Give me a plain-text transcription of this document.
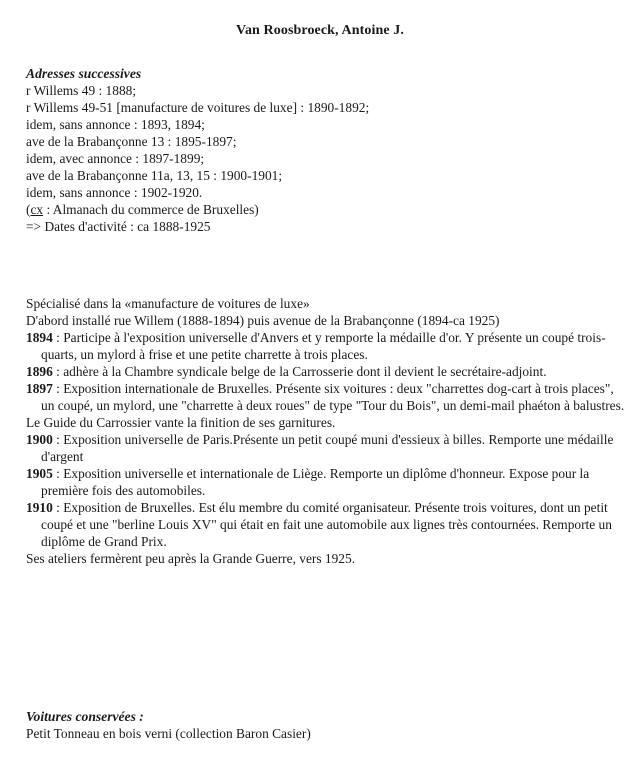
Van Roosbroeck, Antoine J.
Adresses successives
r Willems 49 : 1888;
r Willems 49-51 [manufacture de voitures de luxe] : 1890-1892;
idem, sans annonce : 1893, 1894;
ave de la Brabançonne 13 : 1895-1897;
idem, avec annonce : 1897-1899;
ave de la Brabançonne 11a, 13, 15 : 1900-1901;
idem, sans annonce : 1902-1920.
(cx : Almanach du commerce de Bruxelles)
=> Dates d'activité : ca 1888-1925
Spécialisé dans la «manufacture de voitures de luxe»
D'abord installé rue Willem (1888-1894) puis avenue de la Brabançonne (1894-ca 1925)
1894 : Participe à l'exposition universelle d'Anvers et y remporte la médaille d'or. Y présente un coupé trois-quarts, un mylord à frise et une petite charrette à trois places.
1896 : adhère à la Chambre syndicale belge de la Carrosserie dont il devient le secrétaire-adjoint.
1897 : Exposition internationale de Bruxelles. Présente six voitures : deux "charrettes dog-cart à trois places", un coupé, un mylord, une "charrette à deux roues" de type "Tour du Bois", un demi-mail phaéton à balustres.
Le Guide du Carrossier vante la finition de ses garnitures.
1900 : Exposition universelle de Paris.Présente un petit coupé muni d'essieux à billes. Remporte une médaille d'argent
1905 : Exposition universelle et internationale de Liège. Remporte un diplôme d'honneur. Expose pour la première fois des automobiles.
1910 : Exposition de Bruxelles. Est élu membre du comité organisateur. Présente trois voitures, dont un petit coupé et une "berline Louis XV" qui était en fait une automobile aux lignes très contournées. Remporte un diplôme de Grand Prix.
Ses ateliers fermèrent peu après la Grande Guerre, vers 1925.
Voitures conservées :
Petit Tonneau en bois verni (collection Baron Casier)
